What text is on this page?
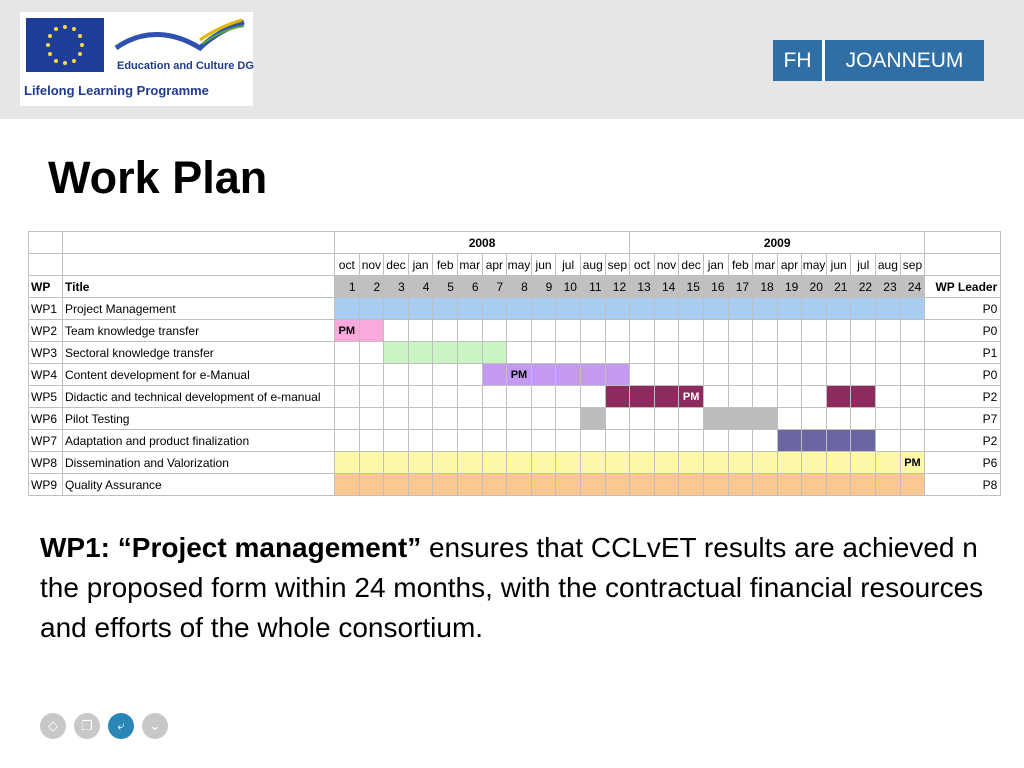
Education and Culture DG
Lifelong Learning Programme
FH	JOANNEUM
Work Plan
		2008												2009												
		oct	nov	dec	jan	feb	mar	apr	may	jun	jul	aug	sep	oct	nov	dec	jan	feb	mar	apr	may	jun	jul	aug	sep	
WP	Title	1	2	3	4	5	6	7	8	9	10	11	12	13	14	15	16	17	18	19	20	21	22	23	24	WP Leader
WP1	Project Management																									P0
WP2	Team knowledge transfer	PM																								P0
WP3	Sectoral knowledge transfer																									P1
WP4	Content development for e-Manual								PM																	P0
WP5	Didactic and technical development of e-manual															PM										P2
WP6	Pilot Testing																									P7
WP7	Adaptation and product finalization																									P2
WP8	Dissemination and Valorization																								PM	P6
WP9	Quality Assurance																									P8
WP1: “Project management” ensures that CCLvET results are achieved n the proposed form within 24 months, with the contractual financial resources and efforts of the whole consortium.
◇	❐	⤶	⌄
